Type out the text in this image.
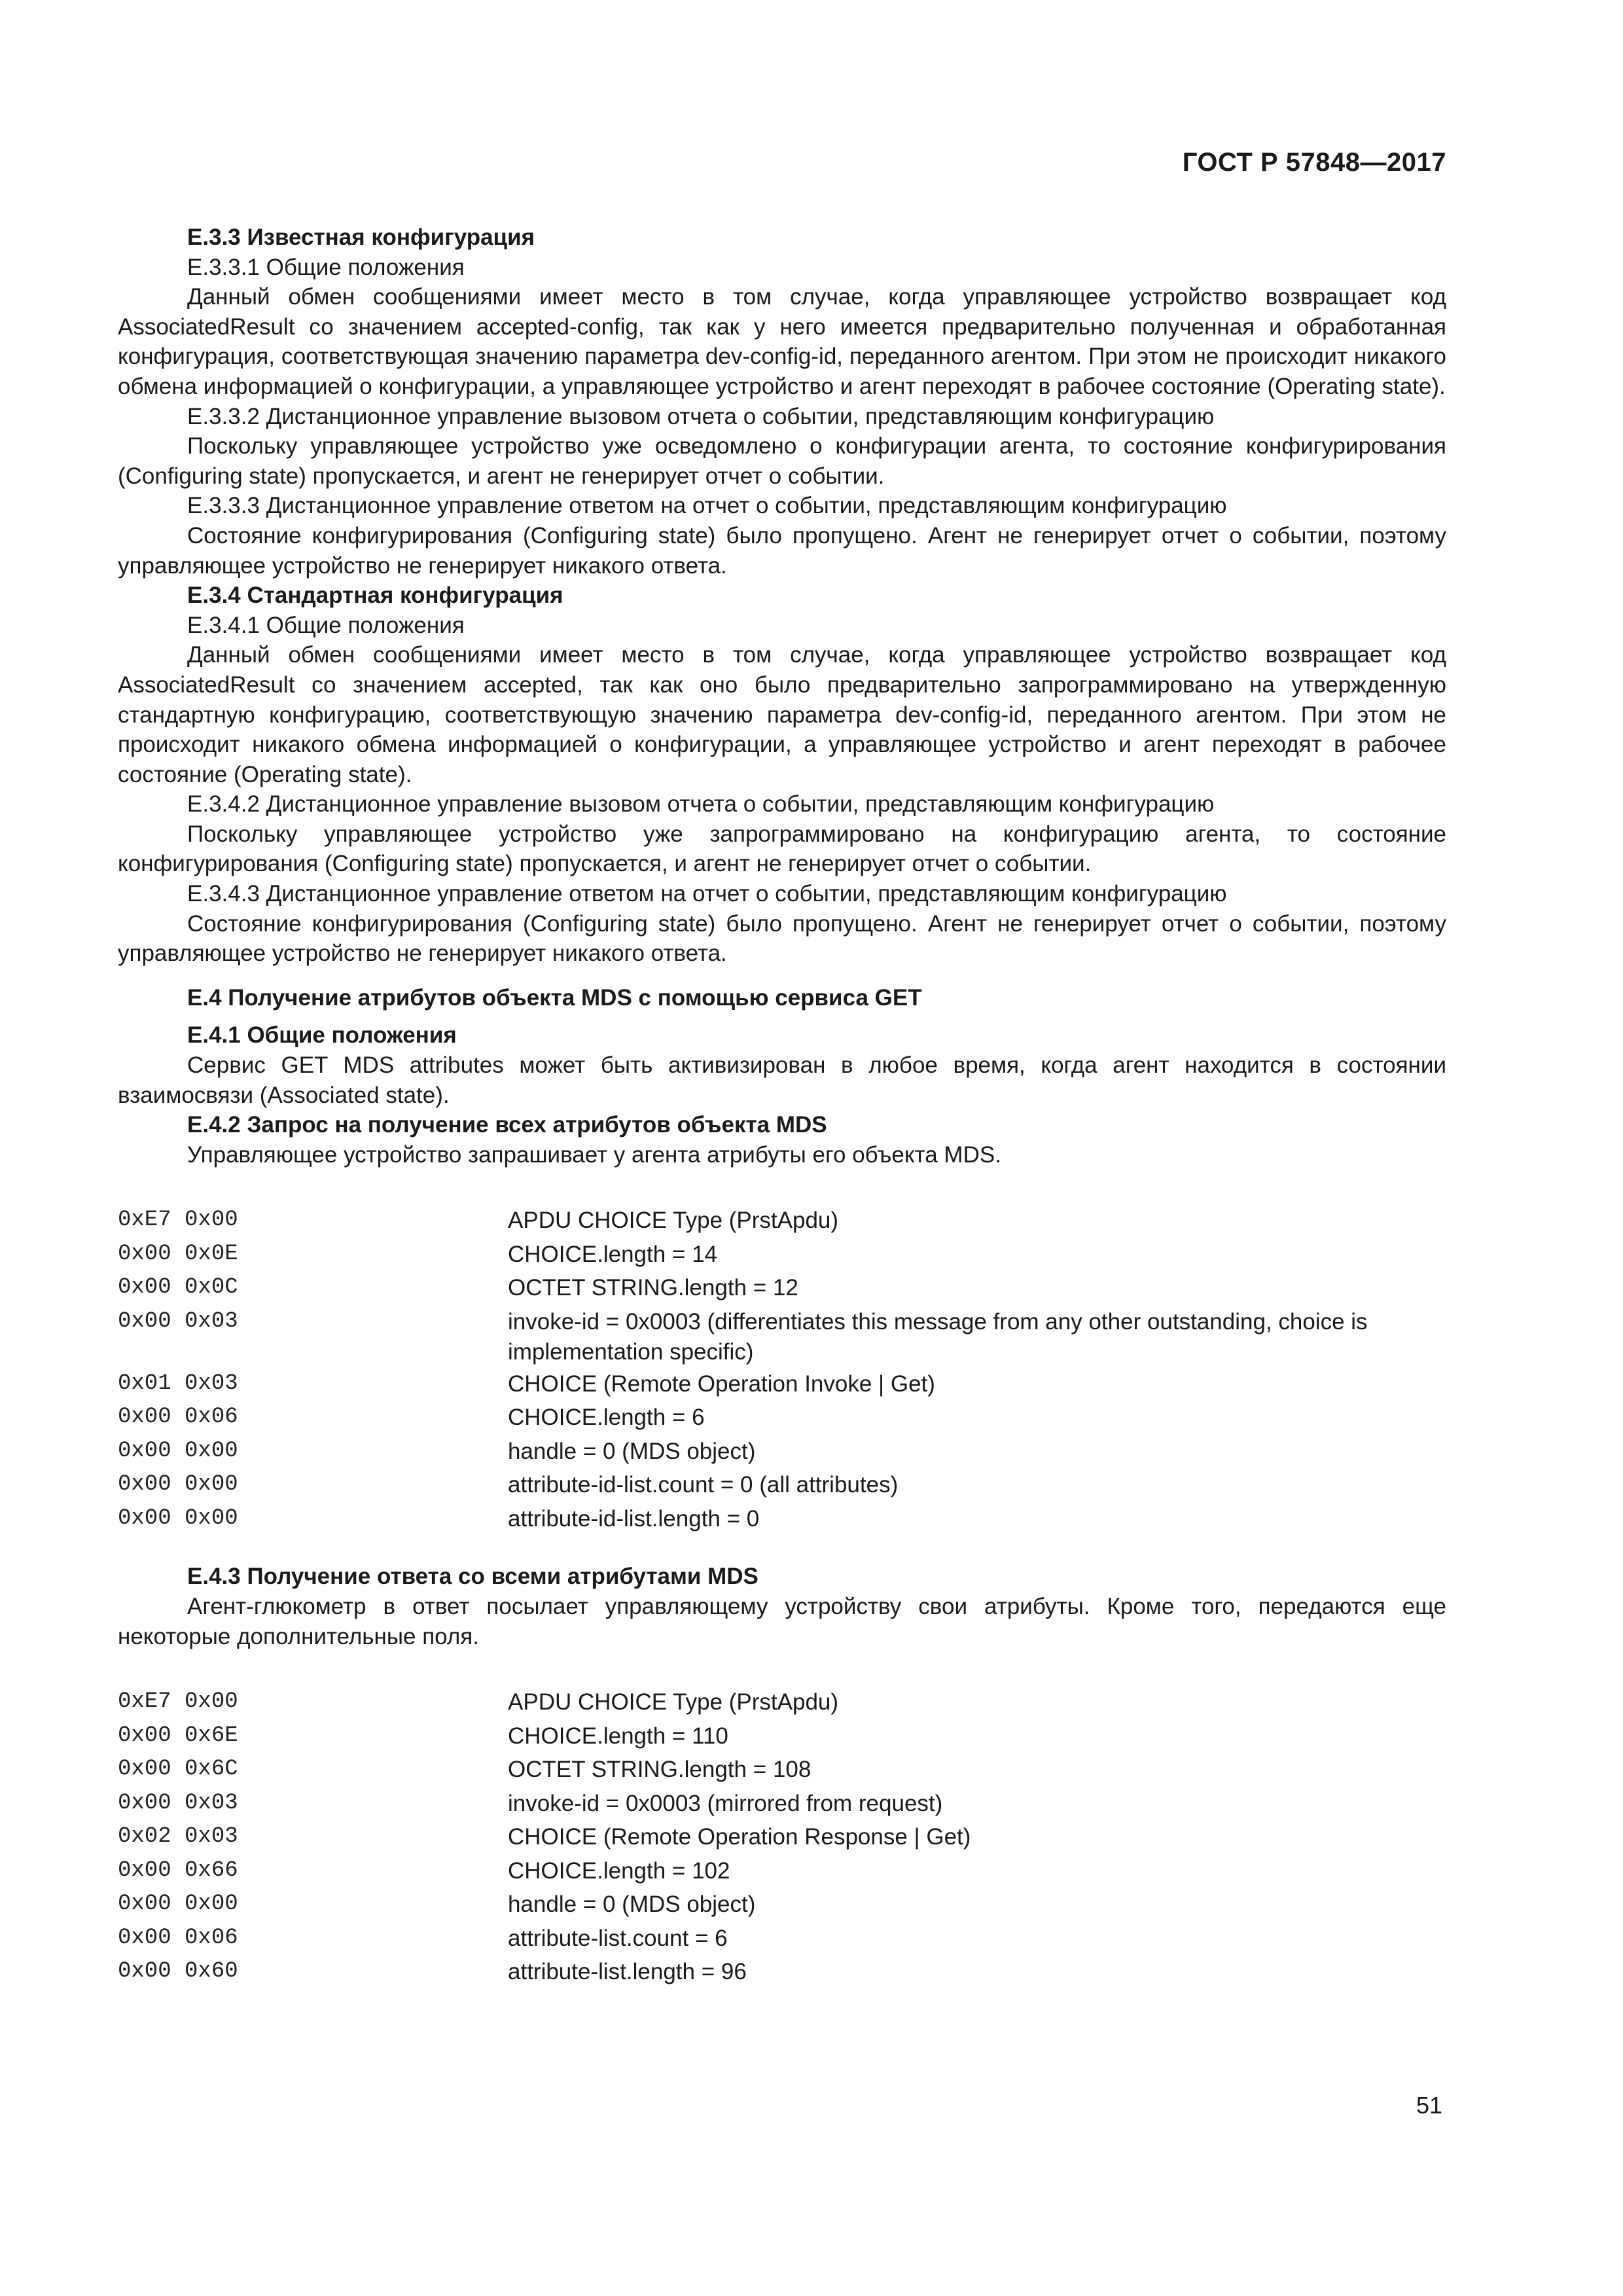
ГОСТ Р 57848—2017
Е.3.3 Известная конфигурация
Е.3.3.1 Общие положения

Данный обмен сообщениями имеет место в том случае, когда управляющее устройство возвращает код AssociatedResult со значением accepted-config, так как у него имеется предварительно полученная и обработанная конфигурация, соответствующая значению параметра dev-config-id, переданного агентом. При этом не происходит никакого обмена информацией о конфигурации, а управляющее устройство и агент переходят в рабочее состояние (Operating state).

Е.3.3.2 Дистанционное управление вызовом отчета о событии, представляющим конфигурацию

Поскольку управляющее устройство уже осведомлено о конфигурации агента, то состояние конфигурирования (Configuring state) пропускается, и агент не генерирует отчет о событии.

Е.3.3.3 Дистанционное управление ответом на отчет о событии, представляющим конфигурацию

Состояние конфигурирования (Configuring state) было пропущено. Агент не генерирует отчет о событии, поэтому управляющее устройство не генерирует никакого ответа.

Е.3.4 Стандартная конфигурация
Е.3.4.1 Общие положения

Данный обмен сообщениями имеет место в том случае, когда управляющее устройство возвращает код AssociatedResult со значением accepted, так как оно было предварительно запрограммировано на утвержденную стандартную конфигурацию, соответствующую значению параметра dev-config-id, переданного агентом. При этом не происходит никакого обмена информацией о конфигурации, а управляющее устройство и агент переходят в рабочее состояние (Operating state).

Е.3.4.2 Дистанционное управление вызовом отчета о событии, представляющим конфигурацию

Поскольку управляющее устройство уже запрограммировано на конфигурацию агента, то состояние конфигурирования (Configuring state) пропускается, и агент не генерирует отчет о событии.

Е.3.4.3 Дистанционное управление ответом на отчет о событии, представляющим конфигурацию

Состояние конфигурирования (Configuring state) было пропущено. Агент не генерирует отчет о событии, поэтому управляющее устройство не генерирует никакого ответа.

Е.4 Получение атрибутов объекта MDS с помощью сервиса GET
Е.4.1 Общие положения

Сервис GET MDS attributes может быть активизирован в любое время, когда агент находится в состоянии взаимосвязи (Associated state).

Е.4.2 Запрос на получение всех атрибутов объекта MDS
Управляющее устройство запрашивает у агента атрибуты его объекта MDS.
0xE7 0x00	APDU CHOICE Type (PrstApdu)
0x00 0x0E	CHOICE.length = 14
0x00 0x0C	OCTET STRING.length = 12
0x00 0x03	invoke-id = 0x0003 (differentiates this message from any other outstanding, choice is implementation specific)
0x01 0x03	CHOICE (Remote Operation Invoke | Get)
0x00 0x06	CHOICE.length = 6
0x00 0x00	handle = 0 (MDS object)
0x00 0x00	attribute-id-list.count = 0 (all attributes)
0x00 0x00	attribute-id-list.length = 0
Е.4.3 Получение ответа со всеми атрибутами MDS

Агент-глюкометр в ответ посылает управляющему устройству свои атрибуты. Кроме того, передаются еще некоторые дополнительные поля.

0xE7 0x00	APDU CHOICE Type (PrstApdu)
0x00 0x6E	CHOICE.length = 110
0x00 0x6C	OCTET STRING.length = 108
0x00 0x03	invoke-id = 0x0003 (mirrored from request)
0x02 0x03	CHOICE (Remote Operation Response | Get)
0x00 0x66	CHOICE.length = 102
0x00 0x00	handle = 0 (MDS object)
0x00 0x06	attribute-list.count = 6
0x00 0x60	attribute-list.length = 96
51
